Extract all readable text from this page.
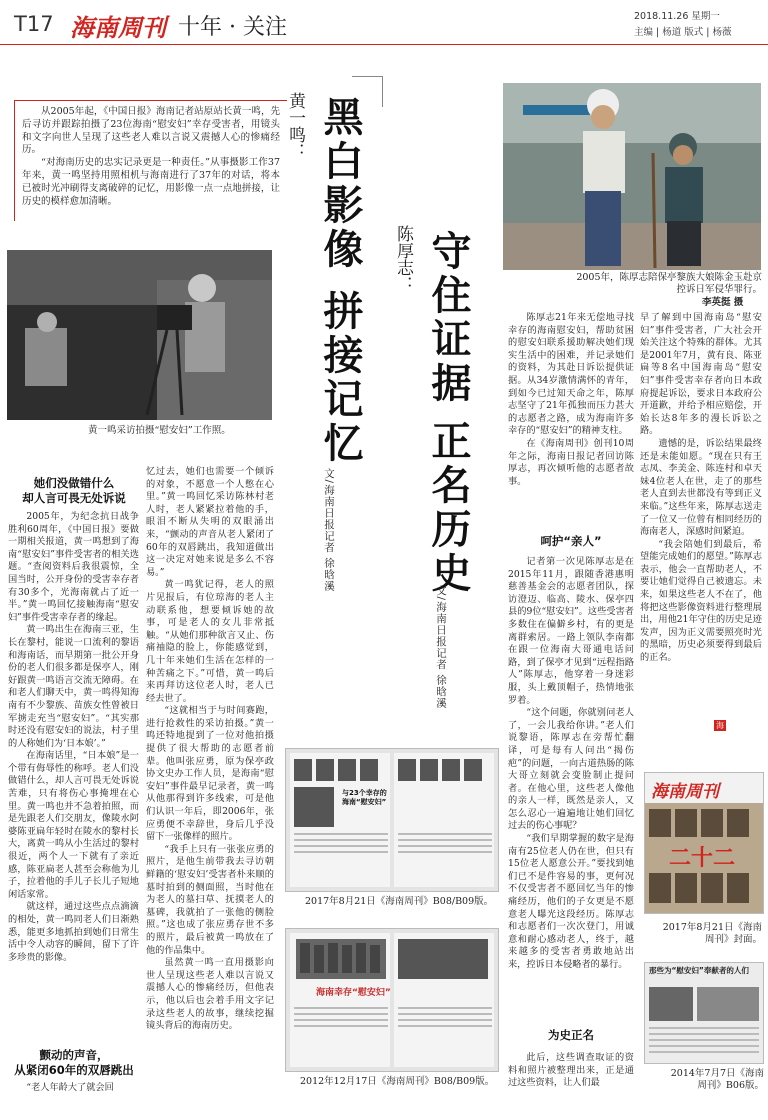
T17 海南周刊 十年 · 关注	2018.11.26 星期一
主编 | 杨道 版式 | 杨薇

从2005年起，《中国日报》海南记者站原站长黄一鸣，先后寻访并跟踪拍摄了23位海南“慰安妇”幸存受害者，用镜头和文字向世人呈现了这些老人难以言说又震撼人心的惨痛经历。

“对海南历史的忠实记录更是一种责任。”从事摄影工作37年来，黄一鸣坚持用照相机与海南进行了37年的对话，将本已被时光冲刷得支离破碎的记忆，用影像一点一点地拼接，让历史的模样愈加清晰。

黄一鸣： 黑白影像
拼接记忆
文/海南日报记者 徐晗溪
黄一鸣采访拍摄“慰安妇”工作照。
她们没做错什么
却人言可畏无处诉说

2005年，为纪念抗日战争胜利60周年，《中国日报》要做一期相关报道，黄一鸣想到了海南“慰安妇”事件受害者的相关选题。“查阅资料后我很震惊，全国当时，公开身份的受害幸存者有30多个，光海南就占了近一半。”黄一鸣回忆接触海南“慰安妇”事件受害幸存者的缘起。

黄一鸣出生在海南三亚，生长在黎村，能说一口流利的黎语和海南话，而早期第一批公开身份的老人们很多都是保亭人，刚好跟黄一鸣语言交流无障碍。在和老人们聊天中，黄一鸣得知海南有不少黎族、苗族女性曾被日军掳走充当“慰安妇”。“其实那时还没有慰安妇的说法，村子里的人称她们为‘日本娘’。”

在海南话里，“日本娘”是一个带有侮辱性的称呼。老人们没做错什么，却人言可畏无处诉说苦难，只有将伤心事掩埋在心里。黄一鸣也并不急着拍照，而是先跟老人们交朋友，像陵水阿婆陈亚扁年轻时在陵水的黎村长大，离黄一鸣从小生活过的黎村很近，两个人一下就有了亲近感，陈亚扁老人甚至会称他为儿子，拉着他的手儿子长儿子短地闲话家常。

就这样，通过这些点点滴滴的相处，黄一鸣同老人们日渐熟悉，能更多地抓拍到她们日常生活中令人动容的瞬间，留下了许多珍贵的影像。

颤动的声音，
从紧闭60年的双唇跳出

“老人年龄大了就会回

忆过去，她们也需要一个倾诉的对象，不愿意一个人憋在心里。”黄一鸣回忆采访陈林村老人时，老人紧紧拉着他的手，眼泪不断从失明的双眼涌出来，“颤动的声音从老人紧闭了60年的双唇跳出，我知道做出这一决定对她来说是多么不容易。”

黄一鸣犹记得，老人的照片见报后，有位琼海的老人主动联系他，想要倾诉她的故事，可是老人的女儿非常抵触。“从她们那种欲言又止、伤痛袖隐的脸上，你能感觉到，几十年来她们生活在怎样的一种苦痛之下。”可惜，黄一鸣后来再拜访这位老人时，老人已经去世了。

“这就相当于与时间赛跑，进行抢救性的采访拍摄。”黄一鸣还特地提到了一位对他拍摄提供了很大帮助的志愿者前辈。他叫张应勇，原为保亭政协文史办工作人员，是海南“慰安妇”事件最早记录者，黄一鸣从他那得到许多线索，可是他们认识一年后，即2006年，张应勇便不幸辞世，身后几乎没留下一张像样的照片。

“我手上只有一张张应勇的照片，是他生前带我去寻访朝鲜籍的‘慰安妇’受害者朴来顺的墓时拍到的侧面照，当时他在为老人的墓扫草、抚摸老人的墓碑，我就拍了一张他的侧脸照。”这也成了张应勇存世不多的照片，最后被黄一鸣放在了他的作品集中。

虽然黄一鸣一直用摄影向世人呈现这些老人难以言说又震撼人心的惨痛经历，但他表示，他以后也会着手用文字记录这些老人的故事，继续挖掘镜头背后的海南历史。

与23个幸存的海南“慰安妇”
2017年8月21日《海南周刊》B08/B09版。
海南幸存“慰安妇”
2012年12月17日《海南周刊》B08/B09版。
陈厚志： 守住证据
正名历史
文/海南日报记者 徐晗溪
2005年，陈厚志陪保亭黎族大娘陈金玉赴京控诉日军侵华罪行。
李英挺 摄

陈厚志21年来无偿地寻找幸存的海南慰安妇，帮助贫困的慰安妇联系援助解决她们现实生活中的困难，并记录她们的资料，为其赴日诉讼提供证据。从34岁激情满怀的青年，到如今已过知天命之年，陈厚志坚守了21年孤独而压力甚大的志愿者之路，成为海南许多幸存的“慰安妇”的精神支柱。

在《海南周刊》创刊10周年之际，海南日报记者回访陈厚志，再次倾听他的志愿者故事。

呵护“亲人”

记者第一次见陈厚志是在2015年11月，跟随香港惠明慈善基金会的志愿者团队，探访澄迈、临高、陵水、保亭四县的9位“慰安妇”。这些受害者多数住在偏僻乡村，有的更是离群索居。一路上领队李南都在跟一位海南大哥通电话问路，到了保亭才见到“远程指路人”陈厚志，他穿着一身迷彩服，头上戴顶帽子，热情地张罗着。

“这个问题，你就别问老人了，一会儿我给你讲。”老人们说黎语，陈厚志在旁帮忙翻译，可是每有人问出“揭伤疤”的问题，一向古道热肠的陈大哥立刻就会变脸制止提问者。在他心里，这些老人像他的亲人一样，既然是亲人，又怎么忍心一遍遍地让她们回忆过去的伤心事呢？

“我们早期掌握的数字是海南有25位老人仍在世，但只有15位老人愿意公开。”要找到她们已不是件容易的事，更何况不仅受害者不愿回忆当年的惨痛经历，他们的子女更是不愿意老人曝光这段经历。陈厚志和志愿者们一次次登门，用诚意和耐心感动老人，终于，越来越多的受害者勇敢地站出来，控诉日本侵略者的暴行。

为史正名

此后，这些调查取证的资料和照片被整理出来，正是通过这些资料，让人们最

早了解到中国海南岛“慰安妇”事件受害者，广大社会开始关注这个特殊的群体。尤其是2001年7月，黄有良、陈亚扁等8名中国海南岛“慰安妇”事件受害幸存者向日本政府提起诉讼，要求日本政府公开道歉，并给予相应赔偿，开始长达8年多的漫长诉讼之路。

遗憾的是，诉讼结果最终还是未能如愿。“现在只有王志凤、李美金、陈连村和卓天妹4位老人在世，走了的那些老人直到去世都没有等到正义来临。”这些年来，陈厚志送走了一位又一位曾有相同经历的海南老人，深感时间紧迫。

“我会陪她们到最后，希望能完成她们的愿望。”陈厚志表示，他会一直帮助老人，不要让她们觉得自己被遗忘。未来，如果这些老人不在了，他将把这些影像资料进行整理展出，用他21年守住的历史足迹发声，因为正义需要照亮时光的黑暗，历史必须要得到最后的正名。

海
海南周刊
二十二
2017年8月21日《海南周刊》封面。
那些为“慰安妇”奉献者的人们
2014年7月7日《海南周刊》B06版。
